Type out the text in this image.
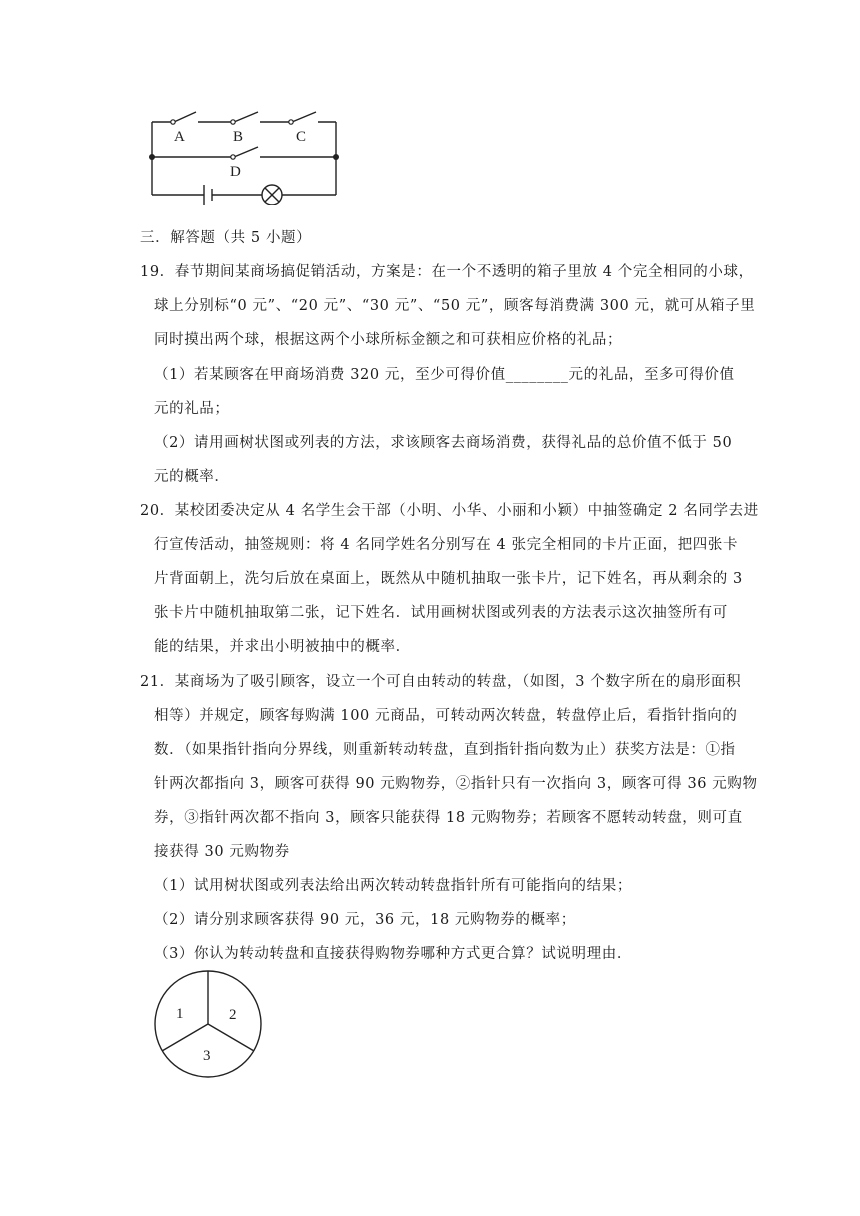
A	B	C
D
三．解答题（共 5 小题）
19．春节期间某商场搞促销活动，方案是：在一个不透明的箱子里放 4 个完全相同的小球，
球上分别标“0 元”、“20 元”、“30 元”、“50 元”，顾客每消费满 300 元，就可从箱子里
同时摸出两个球，根据这两个小球所标金额之和可获相应价格的礼品；
（1）若某顾客在甲商场消费 320 元，至少可得价值________元的礼品，至多可得价值
元的礼品；
（2）请用画树状图或列表的方法，求该顾客去商场消费，获得礼品的总价值不低于 50
元的概率．
20．某校团委决定从 4 名学生会干部（小明、小华、小丽和小颖）中抽签确定 2 名同学去进
行宣传活动，抽签规则：将 4 名同学姓名分别写在 4 张完全相同的卡片正面，把四张卡
片背面朝上，洗匀后放在桌面上，既然从中随机抽取一张卡片，记下姓名，再从剩余的 3
张卡片中随机抽取第二张，记下姓名．试用画树状图或列表的方法表示这次抽签所有可
能的结果，并求出小明被抽中的概率．
21．某商场为了吸引顾客，设立一个可自由转动的转盘，（如图，3 个数字所在的扇形面积
相等）并规定，顾客每购满 100 元商品，可转动两次转盘，转盘停止后，看指针指向的
数．（如果指针指向分界线，则重新转动转盘，直到指针指向数为止）获奖方法是：①指
针两次都指向 3，顾客可获得 90 元购物券，②指针只有一次指向 3，顾客可得 36 元购物
券，③指针两次都不指向 3，顾客只能获得 18 元购物券；若顾客不愿转动转盘，则可直
接获得 30 元购物券
（1）试用树状图或列表法给出两次转动转盘指针所有可能指向的结果；
（2）请分别求顾客获得 90 元，36 元，18 元购物券的概率；
（3）你认为转动转盘和直接获得购物券哪种方式更合算？试说明理由．
1	2
3
